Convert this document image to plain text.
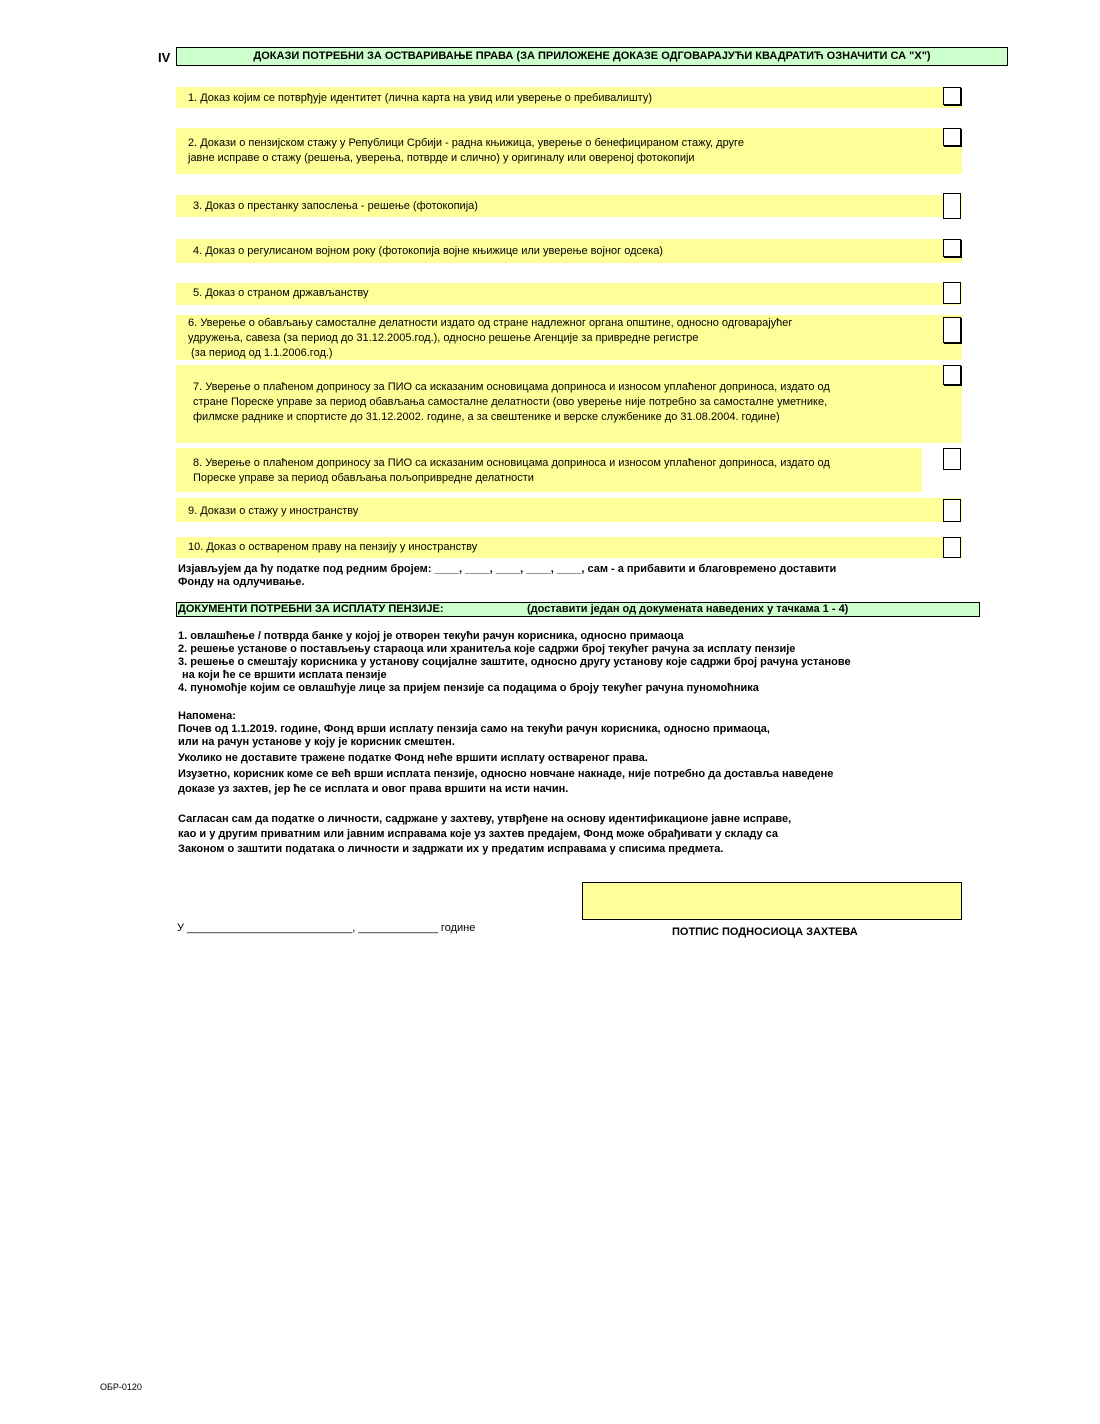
IV	ДОКАЗИ ПОТРЕБНИ ЗА ОСТВАРИВАЊЕ ПРАВА (ЗА ПРИЛОЖЕНЕ ДОКАЗЕ ОДГОВАРАЈУЋИ КВАДРАТИЋ ОЗНАЧИТИ СА "X")
1. Доказ којим се потврђује идентитет (лична карта на увид или уверење о пребивалишту)
2. Докази о пензијском стажу у Републици Србији - радна књижица, уверење о бенефицираном стажу, друге
јавне исправе о стажу (решења, уверења, потврде и слично) у оригиналу или овереној фотокопији
3. Доказ о престанку запослења - решење (фотокопија)
4. Доказ о регулисаном војном року (фотокопија војне књижице или уверење војног одсека)
5. Доказ о страном држављанству
6. Уверење о обављању самосталне делатности издато од стране надлежног органа општине, односно одговарајућег
удружења, савеза (за период до 31.12.2005.год.), односно решење Агенције за привредне регистре
(за период од 1.1.2006.год.)
7. Уверење о плаћеном доприносу за ПИО са исказаним основицама доприноса и износом уплаћеног доприноса, издато од
стране Пореске управе за период обављања самосталне делатности (ово уверење није потребно за самосталне уметнике,
филмске раднике и спортисте до 31.12.2002. године, а за свештенике и верске службенике до 31.08.2004. године)
8. Уверење о плаћеном доприносу за ПИО са исказаним основицама доприноса и износом уплаћеног доприноса, издато од
Пореске управе за период обављања пољопривредне делатности
9. Докази о стажу у иностранству
10. Доказ о оствареном праву на пензију у иностранству
Изјављујем да ћу податке под редним бројем: ____, ____, ____, ____, ____, сам - а прибавити и благовремено доставити
Фонду на одлучивање.
ДОКУМЕНТИ ПОТРЕБНИ ЗА ИСПЛАТУ ПЕНЗИЈЕ:	(доставити један од докумената наведених у тачкама 1 - 4)
1. овлашћење / потврда банке у којој је отворен текући рачун корисника, односно примаоца
2. решење установе о постављењу стараоца или хранитеља које садржи број текућег рачуна за исплату пензије
3. решење о смештају корисника у установу социјалне заштите, односно другу установу које садржи број рачуна установе
на који ће се вршити исплата пензије
4. пуномоћје којим се овлашћује лице за пријем пензије са подацима о броју текућег рачуна пуномоћника
Напомена:
Почев од 1.1.2019. године, Фонд врши исплату пензија само на текући рачун корисника, односно примаоца,
или на рачун установе у коју је корисник смештен.
Уколико не доставите тражене податке Фонд неће вршити исплату оствареног права.
Изузетно, корисник коме се већ врши исплата пензије, односно новчане накнаде, није потребно да доставља наведене
доказе уз захтев, јер ће се исплата и овог права вршити на исти начин.
Сагласан сам да податке о личности, садржане у захтеву, утврђене на основу идентификационе јавне исправе,
као и у другим приватним или јавним исправама које уз захтев предајем, Фонд може обрађивати у складу са
Законом о заштити података о личности и задржати их у предатим исправама у списима предмета.
ПОТПИС ПОДНОСИОЦА ЗАХТЕВА
У ___________________________, _____________ године
ОБР-0120
